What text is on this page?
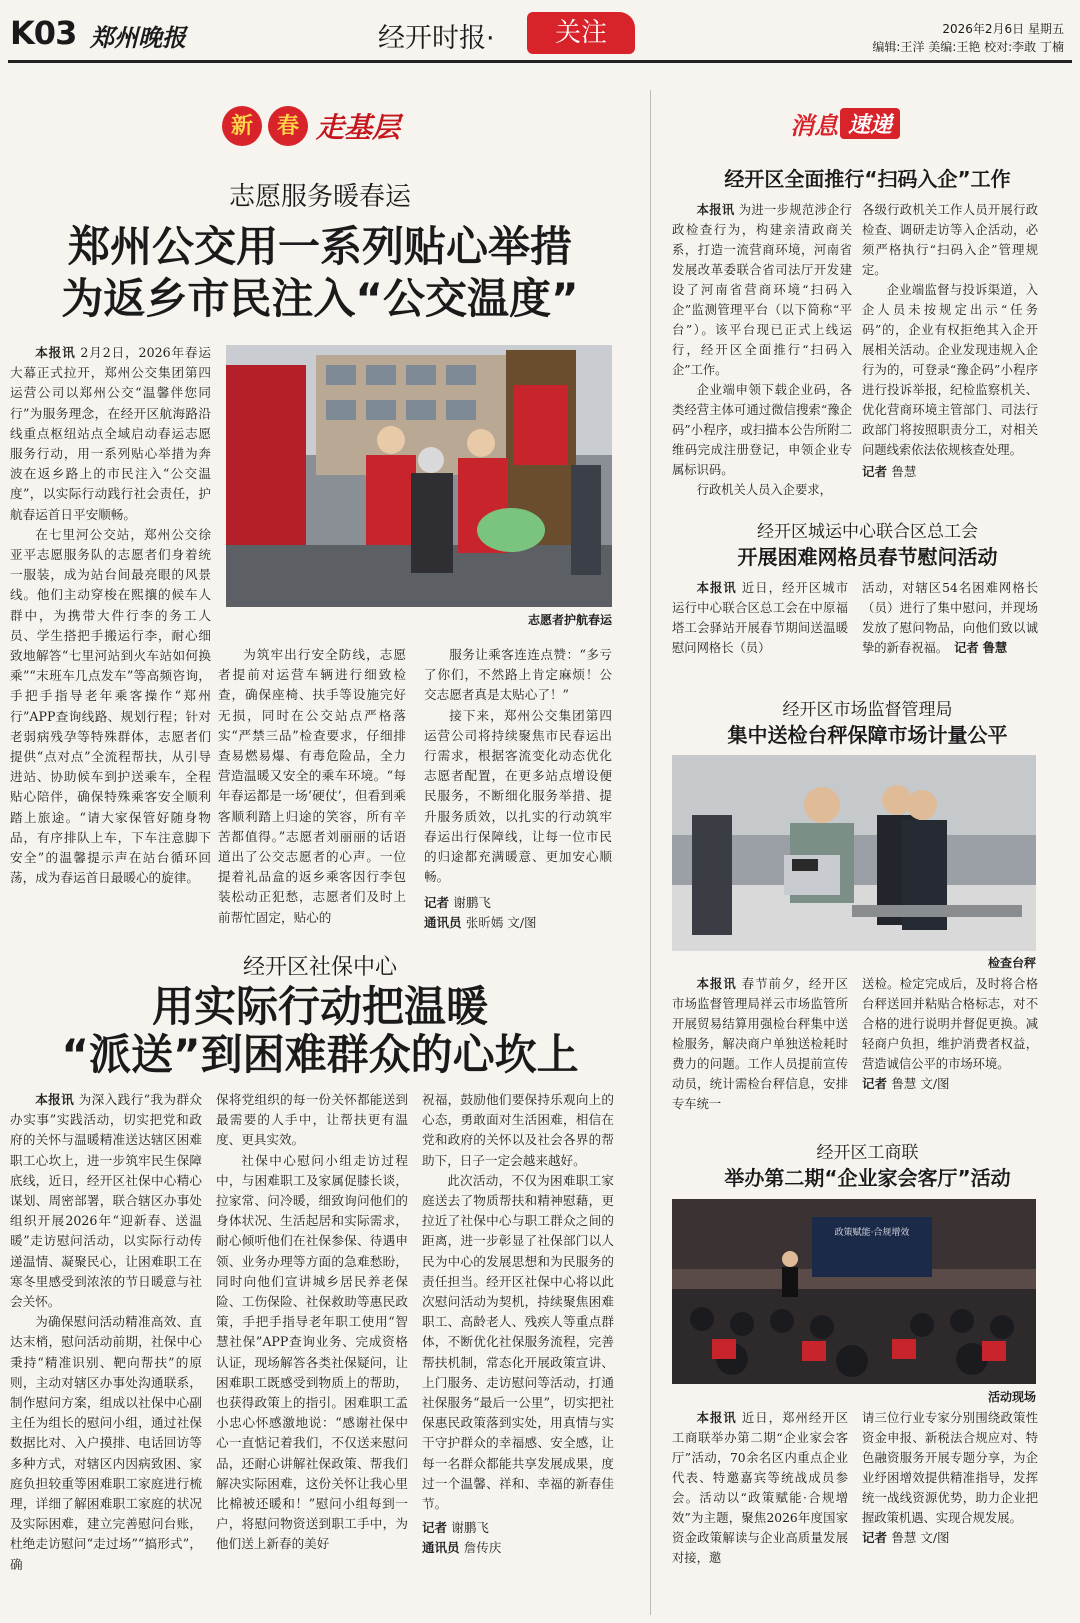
K03 郑州晚报	经开时报·	关注	2026年2月6日 星期五
编辑:王洋 美编:王艳 校对:李敢 丁楠
新	春 走基层
志愿服务暖春运
郑州公交用一系列贴心举措
为返乡市民注入“公交温度”
志愿者护航春运

本报讯 2月2日，2026年春运大幕正式拉开，郑州公交集团第四运营公司以郑州公交“温馨伴您同行”为服务理念，在经开区航海路沿线重点枢纽站点全域启动春运志愿服务行动，用一系列贴心举措为奔波在返乡路上的市民注入“公交温度”，以实际行动践行社会责任，护航春运首日平安顺畅。

在七里河公交站，郑州公交徐亚平志愿服务队的志愿者们身着统一服装，成为站台间最亮眼的风景线。他们主动穿梭在熙攘的候车人群中，为携带大件行李的务工人员、学生搭把手搬运行李，耐心细致地解答“七里河站到火车站如何换乘”“末班车几点发车”等高频咨询，手把手指导老年乘客操作“郑州行”APP查询线路、规划行程；针对老弱病残孕等特殊群体，志愿者们提供“点对点”全流程帮扶，从引导进站、协助候车到护送乘车，全程贴心陪伴，确保特殊乘客安全顺利踏上旅途。“请大家保管好随身物品，有序排队上车，下车注意脚下安全”的温馨提示声在站台循环回荡，成为春运首日最暖心的旋律。

为筑牢出行安全防线，志愿者提前对运营车辆进行细致检查，确保座椅、扶手等设施完好无损，同时在公交站点严格落实“严禁三品”检查要求，仔细排查易燃易爆、有毒危险品，全力营造温暖又安全的乘车环境。“每年春运都是一场‘硬仗’，但看到乘客顺利踏上归途的笑容，所有辛苦都值得。”志愿者刘丽丽的话语道出了公交志愿者的心声。一位提着礼品盒的返乡乘客因行李包装松动正犯愁，志愿者们及时上前帮忙固定，贴心的

服务让乘客连连点赞：“多亏了你们，不然路上肯定麻烦！公交志愿者真是太贴心了！”

接下来，郑州公交集团第四运营公司将持续聚焦市民春运出行需求，根据客流变化动态优化志愿者配置，在更多站点增设便民服务，不断细化服务举措、提升服务质效，以扎实的行动筑牢春运出行保障线，让每一位市民的归途都充满暖意、更加安心顺畅。

记者 谢鹏飞
通讯员 张昕嫣 文/图
经开区社保中心
用实际行动把温暖
“派送”到困难群众的心坎上

本报讯 为深入践行“我为群众办实事”实践活动，切实把党和政府的关怀与温暖精准送达辖区困难职工心坎上，进一步筑牢民生保障底线，近日，经开区社保中心精心谋划、周密部署，联合辖区办事处组织开展2026年“迎新春、送温暖”走访慰问活动，以实际行动传递温情、凝聚民心，让困难职工在寒冬里感受到浓浓的节日暖意与社会关怀。

为确保慰问活动精准高效、直达末梢，慰问活动前期，社保中心秉持“精准识别、靶向帮扶”的原则，主动对辖区办事处沟通联系，制作慰问方案，组成以社保中心副主任为组长的慰问小组，通过社保数据比对、入户摸排、电话回访等多种方式，对辖区内因病致困、家庭负担较重等困难职工家庭进行梳理，详细了解困难职工家庭的状况及实际困难，建立完善慰问台账，杜绝走访慰问“走过场”“搞形式”，确

保将党组织的每一份关怀都能送到最需要的人手中，让帮扶更有温度、更具实效。

社保中心慰问小组走访过程中，与困难职工及家属促膝长谈，拉家常、问冷暖，细致询问他们的身体状况、生活起居和实际需求，耐心倾听他们在社保参保、待遇申领、业务办理等方面的急难愁盼，同时向他们宣讲城乡居民养老保险、工伤保险、社保救助等惠民政策，手把手指导老年职工使用“智慧社保”APP查询业务、完成资格认证，现场解答各类社保疑问，让困难职工既感受到物质上的帮助，也获得政策上的指引。困难职工孟小忠心怀感激地说：“感谢社保中心一直惦记着我们，不仅送来慰问品，还耐心讲解社保政策、帮我们解决实际困难，这份关怀让我心里比棉被还暖和！”慰问小组每到一户，将慰问物资送到职工手中，为他们送上新春的美好

祝福，鼓励他们要保持乐观向上的心态，勇敢面对生活困难，相信在党和政府的关怀以及社会各界的帮助下，日子一定会越来越好。

此次活动，不仅为困难职工家庭送去了物质帮扶和精神慰藉，更拉近了社保中心与职工群众之间的距离，进一步彰显了社保部门以人民为中心的发展思想和为民服务的责任担当。经开区社保中心将以此次慰问活动为契机，持续聚焦困难职工、高龄老人、残疾人等重点群体，不断优化社保服务流程，完善帮扶机制，常态化开展政策宣讲、上门服务、走访慰问等活动，打通社保服务“最后一公里”，切实把社保惠民政策落到实处，用真情与实干守护群众的幸福感、安全感，让每一名群众都能共享发展成果，度过一个温馨、祥和、幸福的新春佳节。

记者 谢鹏飞
通讯员 詹传庆
消息 速递
经开区全面推行“扫码入企”工作

本报讯 为进一步规范涉企行政检查行为，构建亲清政商关系，打造一流营商环境，河南省发展改革委联合省司法厅开发建设了河南省营商环境“扫码入企”监测管理平台（以下简称“平台”）。该平台现已正式上线运行，经开区全面推行“扫码入企”工作。

企业端申领下载企业码，各类经营主体可通过微信搜索“豫企码”小程序，或扫描本公告所附二维码完成注册登记，申领企业专属标识码。

行政机关人员入企要求，

各级行政机关工作人员开展行政检查、调研走访等入企活动，必须严格执行“扫码入企”管理规定。

企业端监督与投诉渠道，入企人员未按规定出示“任务码”的，企业有权拒绝其入企开展相关活动。企业发现违规入企行为的，可登录“豫企码”小程序进行投诉举报，纪检监察机关、优化营商环境主管部门、司法行政部门将按照职责分工，对相关问题线索依法依规核查处理。

记者 鲁慧
经开区城运中心联合区总工会
开展困难网格员春节慰问活动

本报讯 近日，经开区城市运行中心联合区总工会在中原福塔工会驿站开展春节期间送温暖慰问网格长（员）

活动，对辖区54名困难网格长（员）进行了集中慰问，并现场发放了慰问物品，向他们致以诚挚的新春祝福。 记者 鲁慧

经开区市场监督管理局
集中送检台秤保障市场计量公平
检查台秤

本报讯 春节前夕，经开区市场监督管理局祥云市场监管所开展贸易结算用强检台秤集中送检服务，解决商户单独送检耗时费力的问题。工作人员提前宣传动员，统计需检台秤信息，安排专车统一

送检。检定完成后，及时将合格台秤送回并粘贴合格标志，对不合格的进行说明并督促更换。减轻商户负担，维护消费者权益，营造诚信公平的市场环境。

记者 鲁慧 文/图
经开区工商联
举办第二期“企业家会客厅”活动
政策赋能·合规增效
活动现场

本报讯 近日，郑州经开区工商联举办第二期“企业家会客厅”活动，70余名区内重点企业代表、特邀嘉宾等统战成员参会。活动以“政策赋能·合规增效”为主题，聚焦2026年度国家资金政策解读与企业高质量发展对接，邀

请三位行业专家分别围绕政策性资金申报、新税法合规应对、特色融资服务开展专题分享，为企业纾困增效提供精准指导，发挥统一战线资源优势，助力企业把握政策机遇、实现合规发展。

记者 鲁慧 文/图
